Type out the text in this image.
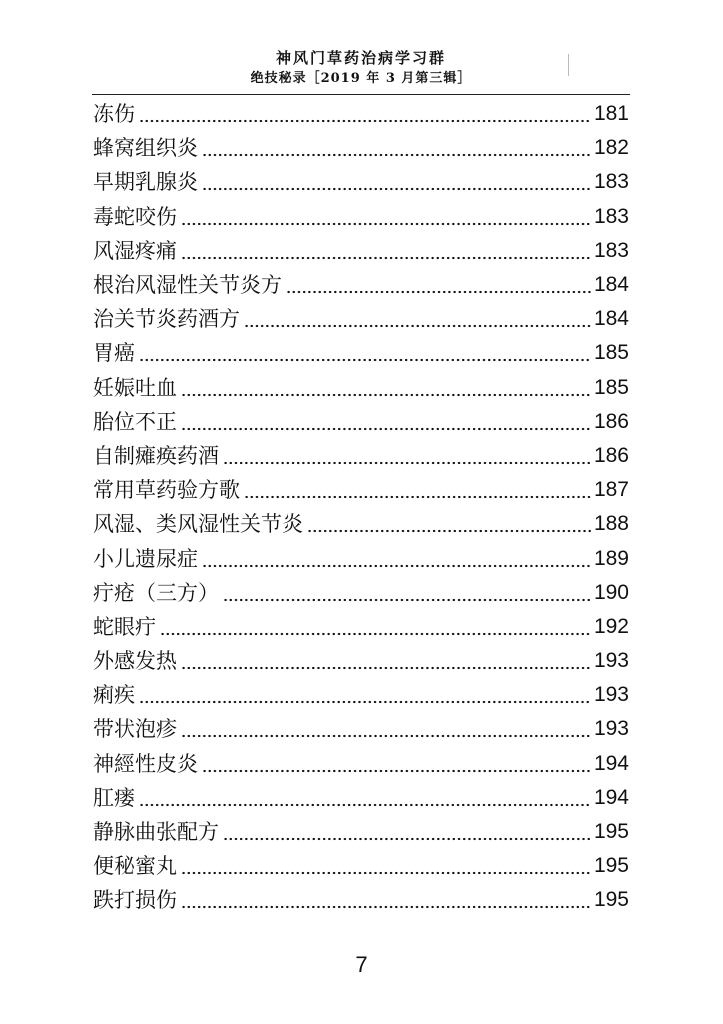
神风门草药治病学习群
绝技秘录［2019 年 3 月第三辑］
冻伤	181
蜂窝组织炎	182
早期乳腺炎	183
毒蛇咬伤	183
风湿疼痛	183
根治风湿性关节炎方	184
治关节炎药酒方	184
胃癌	185
妊娠吐血	185
胎位不正	186
自制瘫痪药酒	186
常用草药验方歌	187
风湿、类风湿性关节炎	188
小儿遗尿症	189
疔疮（三方）	190
蛇眼疔	192
外感发热	193
痢疾	193
带状泡疹	193
神經性皮炎	194
肛瘘	194
静脉曲张配方	195
便秘蜜丸	195
跌打损伤	195
7
